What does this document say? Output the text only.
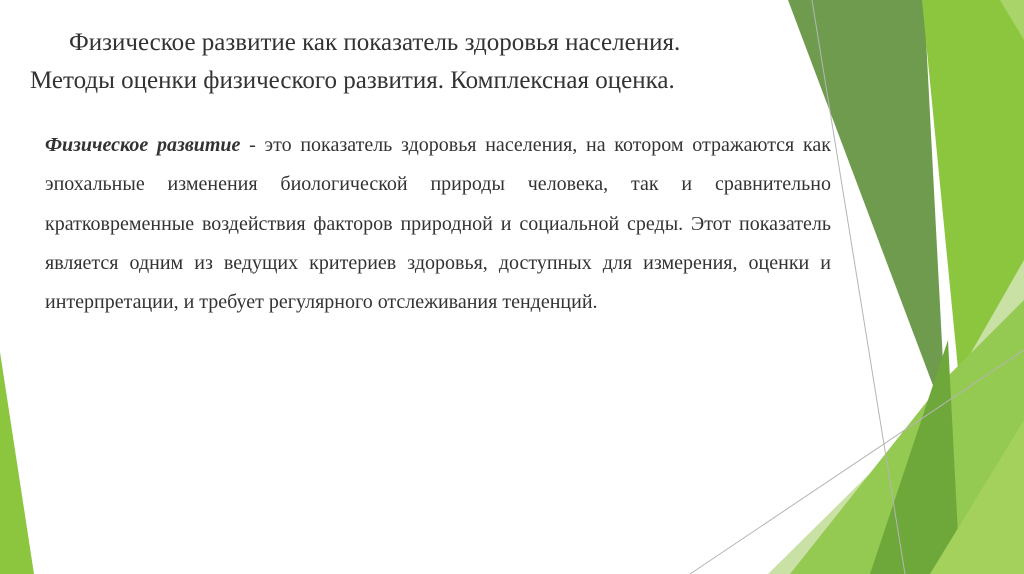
Физическое развитие как показатель здоровья населения.
Методы оценки физического развития. Комплексная оценка.

Физическое развитие - это показатель здоровья населения, на котором отражаются как эпохальные изменения биологической природы человека, так и сравнительно кратковременные воздействия факторов природной и социальной среды. Этот показатель является одним из ведущих критериев здоровья, доступных для измерения, оценки и интерпретации, и требует регулярного отслеживания тенденций.
